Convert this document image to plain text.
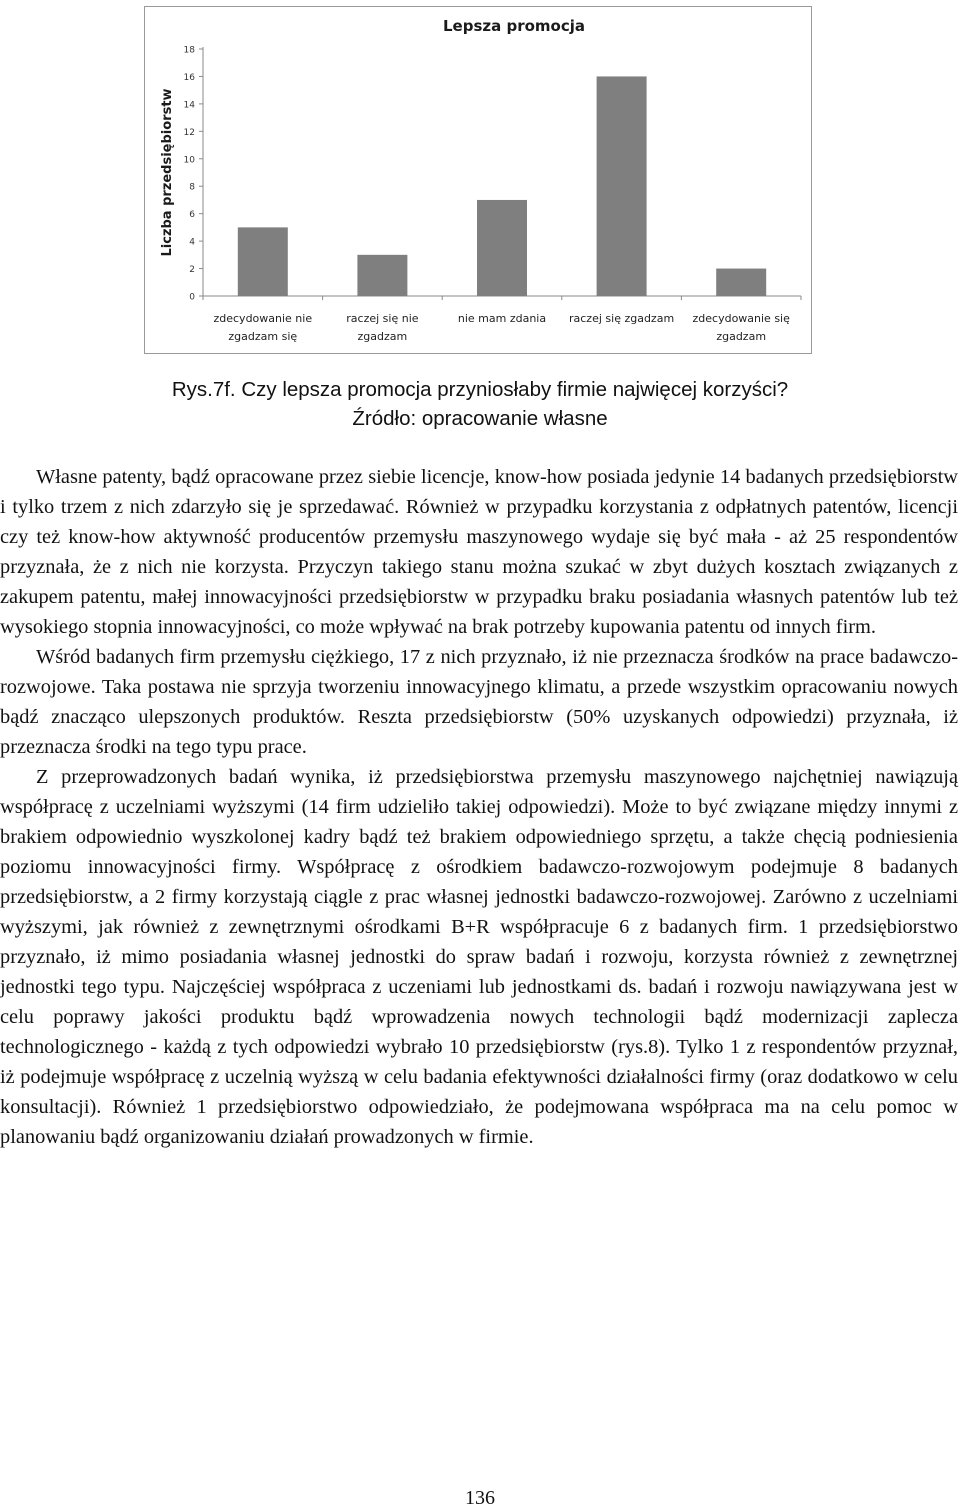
Lepsza promocja
Liczba przedsiębiorstw
0
2
4
6
8
10
12
14
16
18
zdecydowanie nie
zgadzam się
raczej się nie
zgadzam
nie mam zdania raczej się zgadzam zdecydowanie się
zgadzam
Rys.7f. Czy lepsza promocja przyniosłaby firmie najwięcej korzyści?
Źródło: opracowanie własne

Własne patenty, bądź opracowane przez siebie licencje, know-how posiada jedynie 14 badanych przedsiębiorstw i tylko trzem z nich zdarzyło się je sprzedawać. Również w przypadku korzystania z odpłatnych patentów, licencji czy też know-how aktywność producentów przemysłu maszynowego wydaje się być mała - aż 25 respondentów przyznała, że z nich nie korzysta. Przyczyn takiego stanu można szukać w zbyt dużych kosztach związanych z zakupem patentu, małej innowacyjności przedsiębiorstw w przypadku braku posiadania własnych patentów lub też wysokiego stopnia innowacyjności, co może wpływać na brak potrzeby kupowania patentu od innych firm.

Wśród badanych firm przemysłu ciężkiego, 17 z nich przyznało, iż nie przeznacza środków na prace badawczo-rozwojowe. Taka postawa nie sprzyja tworzeniu innowacyjnego klimatu, a przede wszystkim opracowaniu nowych bądź znacząco ulepszonych produktów. Reszta przedsiębiorstw (50% uzyskanych odpowiedzi) przyznała, iż przeznacza środki na tego typu prace.

Z przeprowadzonych badań wynika, iż przedsiębiorstwa przemysłu maszynowego najchętniej nawiązują współpracę z uczelniami wyższymi (14 firm udzieliło takiej odpowiedzi). Może to być związane między innymi z brakiem odpowiednio wyszkolonej kadry bądź też brakiem odpowiedniego sprzętu, a także chęcią podniesienia poziomu innowacyjności firmy. Współpracę z ośrodkiem badawczo-rozwojowym podejmuje 8 badanych przedsiębiorstw, a 2 firmy korzystają ciągle z prac własnej jednostki badawczo-rozwojowej. Zarówno z uczelniami wyższymi, jak również z zewnętrznymi ośrodkami B+R współpracuje 6 z badanych firm. 1 przedsiębiorstwo przyznało, iż mimo posiadania własnej jednostki do spraw badań i rozwoju, korzysta również z zewnętrznej jednostki tego typu. Najczęściej współpraca z uczeniami lub jednostkami ds. badań i rozwoju nawiązywana jest w celu poprawy jakości produktu bądź wprowadzenia nowych technologii bądź modernizacji zaplecza technologicznego - każdą z tych odpowiedzi wybrało 10 przedsiębiorstw (rys.8). Tylko 1 z respondentów przyznał, iż podejmuje współpracę z uczelnią wyższą w celu badania efektywności działalności firmy (oraz dodatkowo w celu konsultacji). Również 1 przedsiębiorstwo odpowiedziało, że podejmowana współpraca ma na celu pomoc w planowaniu bądź organizowaniu działań prowadzonych w firmie.

136
